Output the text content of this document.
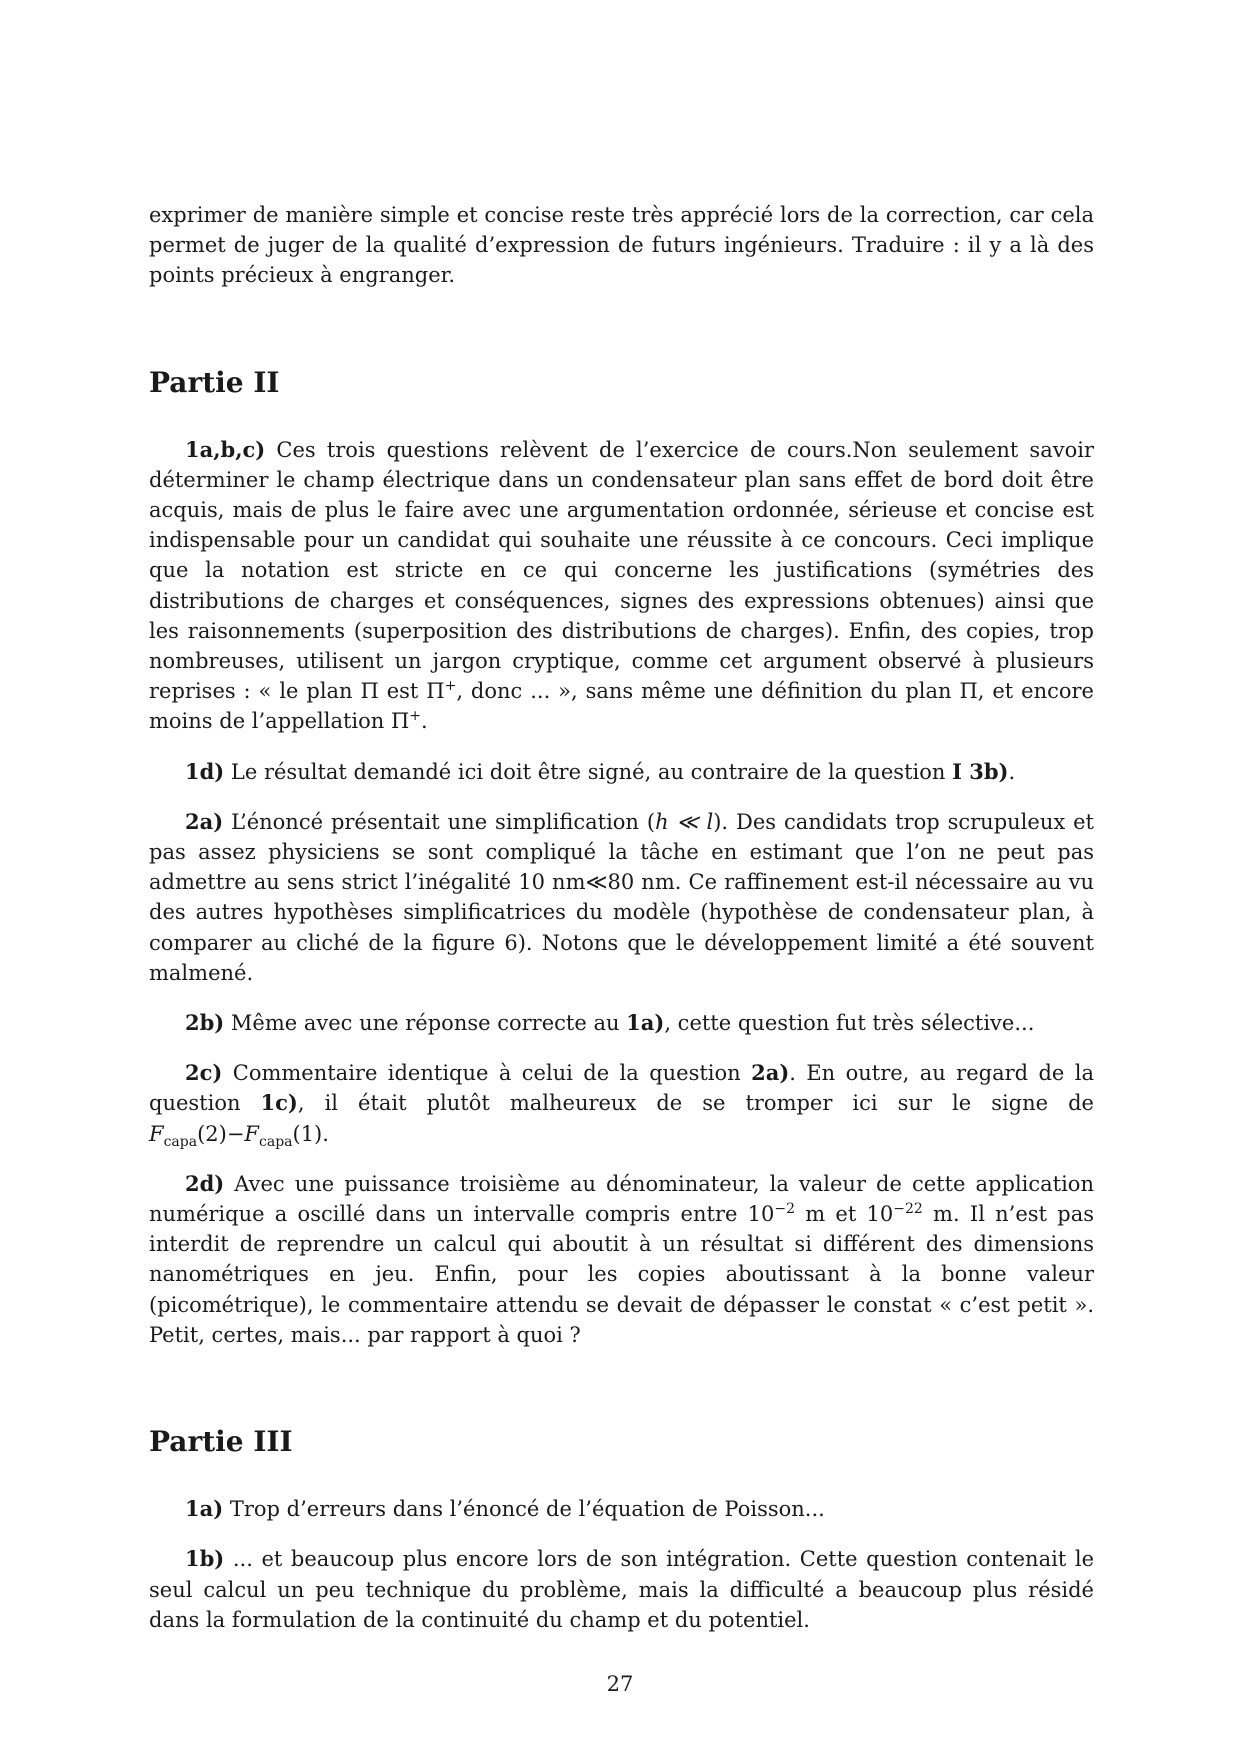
exprimer de manière simple et concise reste très apprécié lors de la correction, car cela permet de juger de la qualité d’expression de futurs ingénieurs. Traduire : il y a là des points précieux à engranger.

Partie II

1a,b,c) Ces trois questions relèvent de l’exercice de cours.Non seulement savoir déterminer le champ électrique dans un condensateur plan sans effet de bord doit être acquis, mais de plus le faire avec une argumentation ordonnée, sérieuse et concise est indispensable pour un candidat qui souhaite une réussite à ce concours. Ceci implique que la notation est stricte en ce qui concerne les justifications (symétries des distributions de charges et conséquences, signes des expressions obtenues) ainsi que les raisonnements (superposition des distributions de charges). Enfin, des copies, trop nombreuses, utilisent un jargon cryptique, comme cet argument observé à plusieurs reprises : « le plan Π est Π+, donc ... », sans même une définition du plan Π, et encore moins de l’appellation Π+.

1d) Le résultat demandé ici doit être signé, au contraire de la question I 3b).

2a) L’énoncé présentait une simplification (h ≪ l). Des candidats trop scrupuleux et pas assez physiciens se sont compliqué la tâche en estimant que l’on ne peut pas admettre au sens strict l’inégalité 10 nm≪80 nm. Ce raffinement est-il nécessaire au vu des autres hypothèses simplificatrices du modèle (hypothèse de condensateur plan, à comparer au cliché de la figure 6). Notons que le développement limité a été souvent malmené.

2b) Même avec une réponse correcte au 1a), cette question fut très sélective...

2c) Commentaire identique à celui de la question 2a). En outre, au regard de la question 1c), il était plutôt malheureux de se tromper ici sur le signe de $F_{capa}(2)-F_{capa}(1)$.

2d) Avec une puissance troisième au dénominateur, la valeur de cette application numérique a oscillé dans un intervalle compris entre $10^{-2}$ m et $10^{-22}$ m. Il n’est pas interdit de reprendre un calcul qui aboutit à un résultat si différent des dimensions nanométriques en jeu. Enfin, pour les copies aboutissant à la bonne valeur (picométrique), le commentaire attendu se devait de dépasser le constat « c’est petit ». Petit, certes, mais... par rapport à quoi ?

Partie III

1a) Trop d’erreurs dans l’énoncé de l’équation de Poisson...

1b) ... et beaucoup plus encore lors de son intégration. Cette question contenait le seul calcul un peu technique du problème, mais la difficulté a beaucoup plus résidé dans la formulation de la continuité du champ et du potentiel.

27
